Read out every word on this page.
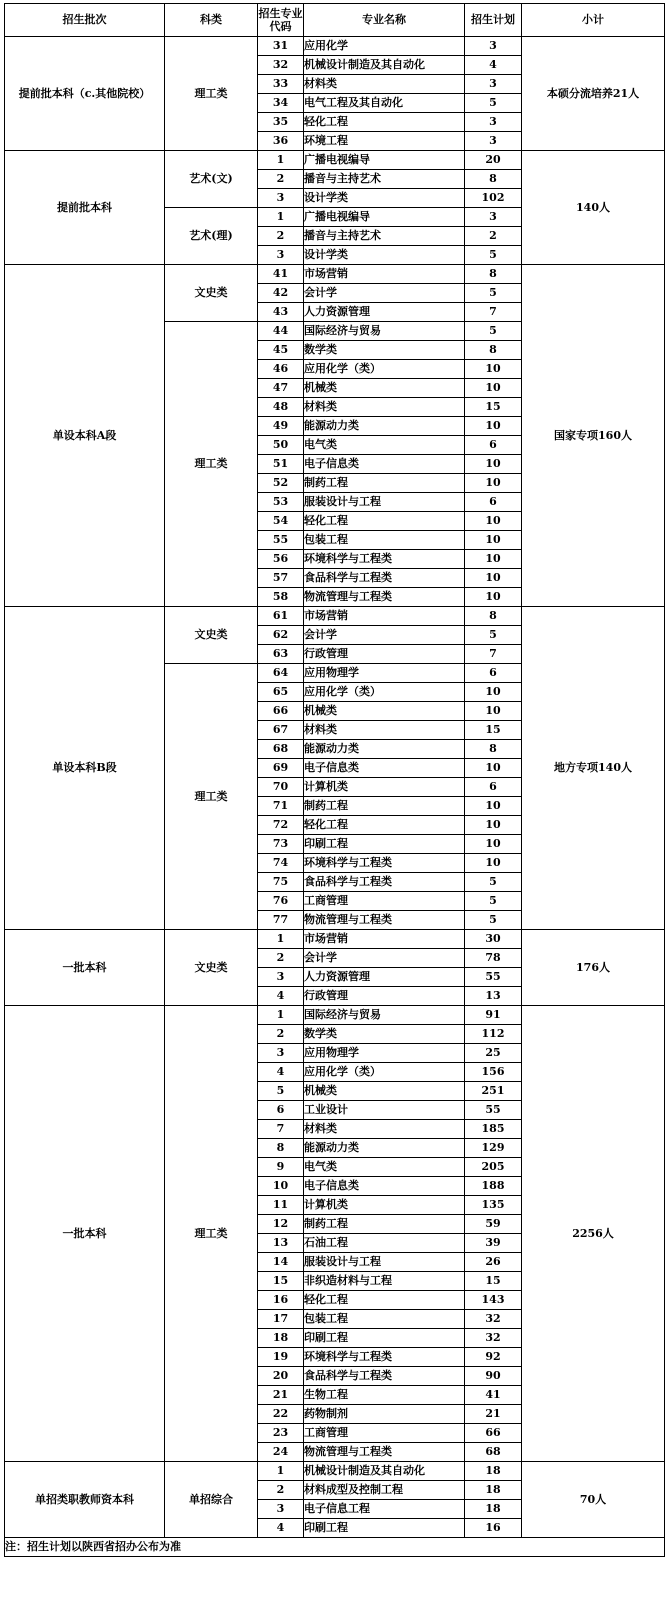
招生批次	科类	招生专业代码	专业名称	招生计划	小计
提前批本科（c.其他院校）	理工类	31	应用化学	3	本硕分流培养21人
		32	机械设计制造及其自动化	4	
		33	材料类	3	
		34	电气工程及其自动化	5	
		35	轻化工程	3	
		36	环境工程	3	
提前批本科	艺术(文)	1	广播电视编导	20	140人
		2	播音与主持艺术	8	
		3	设计学类	102	
	艺术(理)	1	广播电视编导	3	
		2	播音与主持艺术	2	
		3	设计学类	5	
单设本科A段	文史类	41	市场营销	8	国家专项160人
		42	会计学	5	
		43	人力资源管理	7	
	理工类	44	国际经济与贸易	5	
		45	数学类	8	
		46	应用化学（类）	10	
		47	机械类	10	
		48	材料类	15	
		49	能源动力类	10	
		50	电气类	6	
		51	电子信息类	10	
		52	制药工程	10	
		53	服装设计与工程	6	
		54	轻化工程	10	
		55	包装工程	10	
		56	环境科学与工程类	10	
		57	食品科学与工程类	10	
		58	物流管理与工程类	10	
单设本科B段	文史类	61	市场营销	8	地方专项140人
		62	会计学	5	
		63	行政管理	7	
	理工类	64	应用物理学	6	
		65	应用化学（类）	10	
		66	机械类	10	
		67	材料类	15	
		68	能源动力类	8	
		69	电子信息类	10	
		70	计算机类	6	
		71	制药工程	10	
		72	轻化工程	10	
		73	印刷工程	10	
		74	环境科学与工程类	10	
		75	食品科学与工程类	5	
		76	工商管理	5	
		77	物流管理与工程类	5	
一批本科	文史类	1	市场营销	30	176人
		2	会计学	78	
		3	人力资源管理	55	
		4	行政管理	13	
一批本科	理工类	1	国际经济与贸易	91	2256人
		2	数学类	112	
		3	应用物理学	25	
		4	应用化学（类）	156	
		5	机械类	251	
		6	工业设计	55	
		7	材料类	185	
		8	能源动力类	129	
		9	电气类	205	
		10	电子信息类	188	
		11	计算机类	135	
		12	制药工程	59	
		13	石油工程	39	
		14	服装设计与工程	26	
		15	非织造材料与工程	15	
		16	轻化工程	143	
		17	包装工程	32	
		18	印刷工程	32	
		19	环境科学与工程类	92	
		20	食品科学与工程类	90	
		21	生物工程	41	
		22	药物制剂	21	
		23	工商管理	66	
		24	物流管理与工程类	68	
单招类职教师资本科	单招综合	1	机械设计制造及其自动化	18	70人
		2	材料成型及控制工程	18	
		3	电子信息工程	18	
		4	印刷工程	16	
注：招生计划以陕西省招办公布为准					
